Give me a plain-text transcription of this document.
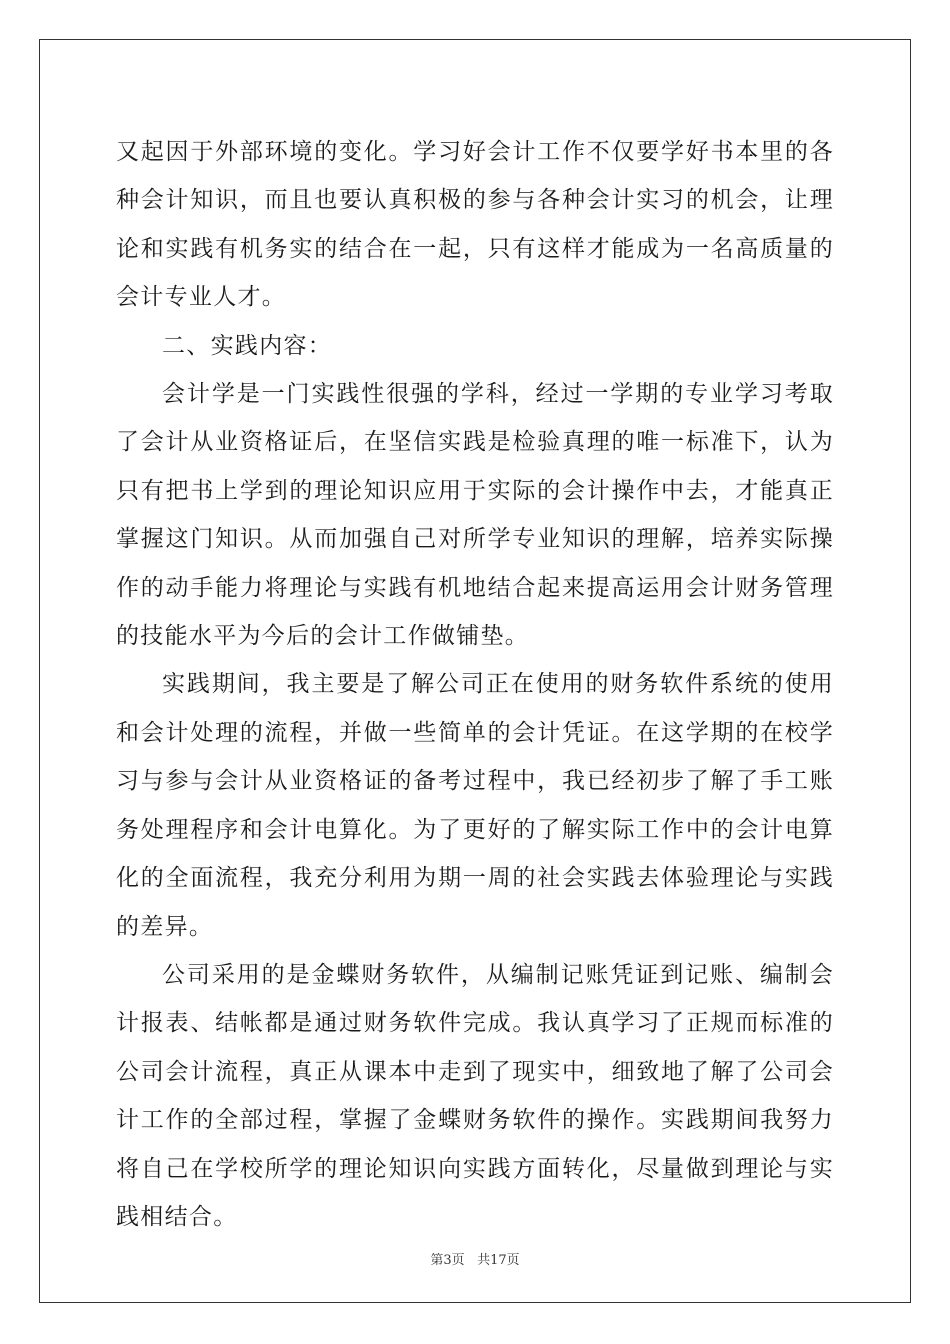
又起因于外部环境的变化。学习好会计工作不仅要学好书本里的各种会计知识，而且也要认真积极的参与各种会计实习的机会，让理论和实践有机务实的结合在一起，只有这样才能成为一名高质量的会计专业人才。

二、实践内容：

会计学是一门实践性很强的学科，经过一学期的专业学习考取了会计从业资格证后，在坚信实践是检验真理的唯一标准下，认为只有把书上学到的理论知识应用于实际的会计操作中去，才能真正掌握这门知识。从而加强自己对所学专业知识的理解，培养实际操作的动手能力将理论与实践有机地结合起来提高运用会计财务管理的技能水平为今后的会计工作做铺垫。

实践期间，我主要是了解公司正在使用的财务软件系统的使用和会计处理的流程，并做一些简单的会计凭证。在这学期的在校学习与参与会计从业资格证的备考过程中，我已经初步了解了手工账务处理程序和会计电算化。为了更好的了解实际工作中的会计电算化的全面流程，我充分利用为期一周的社会实践去体验理论与实践的差异。

公司采用的是金蝶财务软件，从编制记账凭证到记账、编制会计报表、结帐都是通过财务软件完成。我认真学习了正规而标准的公司会计流程，真正从课本中走到了现实中，细致地了解了公司会计工作的全部过程，掌握了金蝶财务软件的操作。实践期间我努力将自己在学校所学的理论知识向实践方面转化，尽量做到理论与实践相结合。

第3页 共17页
